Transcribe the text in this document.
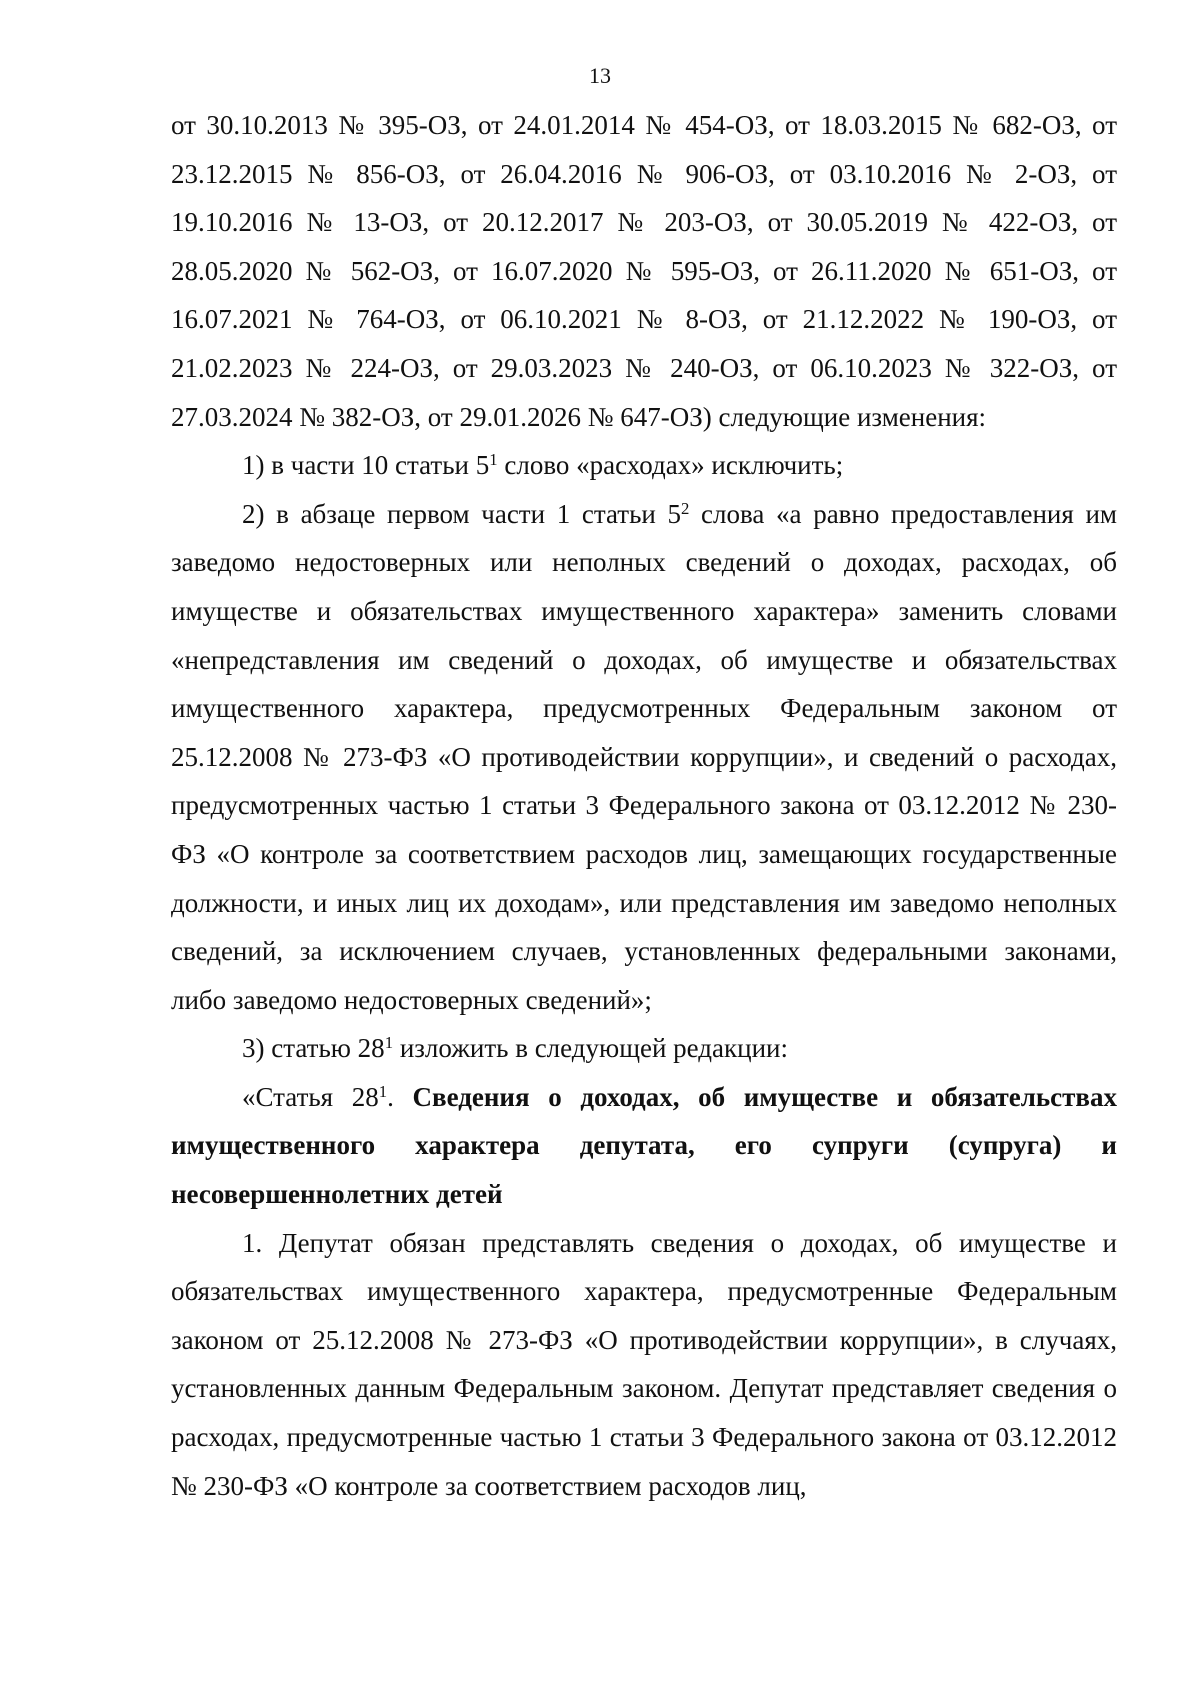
13

от 30.10.2013 № 395-ОЗ, от 24.01.2014 № 454-ОЗ, от 18.03.2015 № 682-ОЗ, от 23.12.2015 № 856-ОЗ, от 26.04.2016 № 906-ОЗ, от 03.10.2016 № 2-ОЗ, от 19.10.2016 № 13-ОЗ, от 20.12.2017 № 203-ОЗ, от 30.05.2019 № 422-ОЗ, от 28.05.2020 № 562-ОЗ, от 16.07.2020 № 595-ОЗ, от 26.11.2020 № 651-ОЗ, от 16.07.2021 № 764-ОЗ, от 06.10.2021 № 8-ОЗ, от 21.12.2022 № 190-ОЗ, от 21.02.2023 № 224-ОЗ, от 29.03.2023 № 240-ОЗ, от 06.10.2023 № 322-ОЗ, от 27.03.2024 № 382-ОЗ, от 29.01.2026 № 647-ОЗ) следующие изменения:

1) в части 10 статьи $5^1$ слово «расходах» исключить;

2) в абзаце первом части 1 статьи $5^2$ слова «а равно предоставления им заведомо недостоверных или неполных сведений о доходах, расходах, об имуществе и обязательствах имущественного характера» заменить словами «непредставления им сведений о доходах, об имуществе и обязательствах имущественного характера, предусмотренных Федеральным законом от 25.12.2008 № 273-ФЗ «О противодействии коррупции», и сведений о расходах, предусмотренных частью 1 статьи 3 Федерального закона от 03.12.2012 № 230-ФЗ «О контроле за соответствием расходов лиц, замещающих государственные должности, и иных лиц их доходам», или представления им заведомо неполных сведений, за исключением случаев, установленных федеральными законами, либо заведомо недостоверных сведений»;

3) статью $28^1$ изложить в следующей редакции:

«Статья $28^1$. Сведения о доходах, об имуществе и обязательствах имущественного характера депутата, его супруги (супруга) и несовершеннолетних детей

1. Депутат обязан представлять сведения о доходах, об имуществе и обязательствах имущественного характера, предусмотренные Федеральным законом от 25.12.2008 № 273-ФЗ «О противодействии коррупции», в случаях, установленных данным Федеральным законом. Депутат представляет сведения о расходах, предусмотренные частью 1 статьи 3 Федерального закона от 03.12.2012 № 230-ФЗ «О контроле за соответствием расходов лиц,
